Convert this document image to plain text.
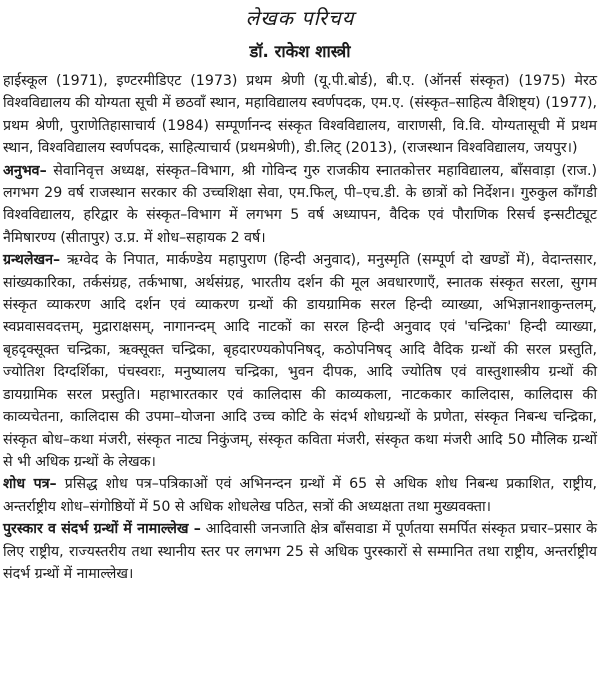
लेखक परिचय
डॉ. राकेश शास्त्री

हाईस्कूल (1971), इण्टरमीडिएट (1973) प्रथम श्रेणी (यू.पी.बोर्ड), बी.ए. (ऑनर्स संस्कृत) (1975) मेरठ विश्वविद्यालय की योग्यता सूची में छठवाँ स्थान, महाविद्यालय स्वर्णपदक, एम.ए. (संस्कृत–साहित्य वैशिष्ट्य) (1977), प्रथम श्रेणी, पुराणेतिहासाचार्य (1984) सम्पूर्णानन्द संस्कृत विश्वविद्यालय, वाराणसी, वि.वि. योग्यतासूची में प्रथम स्थान, विश्वविद्यालय स्वर्णपदक, साहित्याचार्य (प्रथमश्रेणी), डी.लिट् (2013), (राजस्थान विश्वविद्यालय, जयपुर।)

अनुभव– सेवानिवृत्त अध्यक्ष, संस्कृत–विभाग, श्री गोविन्द गुरु राजकीय स्नातकोत्तर महाविद्यालय, बाँसवाड़ा (राज.) लगभग 29 वर्ष राजस्थान सरकार की उच्चशिक्षा सेवा, एम.फिल्, पी–एच.डी. के छात्रों को निर्देशन। गुरुकुल काँगडी विश्वविद्यालय, हरिद्वार के संस्कृत–विभाग में लगभग 5 वर्ष अध्यापन, वैदिक एवं पौराणिक रिसर्च इन्सटीट्यूट नैमिषारण्य (सीतापुर) उ.प्र. में शोध–सहायक 2 वर्ष।

ग्रन्थलेखन– ऋग्वेद के निपात, मार्कण्डेय महापुराण (हिन्दी अनुवाद), मनुस्मृति (सम्पूर्ण दो खण्डों में), वेदान्तसार, सांख्यकारिका, तर्कसंग्रह, तर्कभाषा, अर्थसंग्रह, भारतीय दर्शन की मूल अवधारणाएँ, स्नातक संस्कृत सरला, सुगम संस्कृत व्याकरण आदि दर्शन एवं व्याकरण ग्रन्थों की डायग्रामिक सरल हिन्दी व्याख्या, अभिज्ञानशाकुन्तलम्, स्वप्नवासवदत्तम्, मुद्राराक्षसम्, नागानन्दम् आदि नाटकों का सरल हिन्दी अनुवाद एवं 'चन्द्रिका' हिन्दी व्याख्या, बृहदृक्सूक्त चन्द्रिका, ऋक्सूक्त चन्द्रिका, बृहदारण्यकोपनिषद्, कठोपनिषद् आदि वैदिक ग्रन्थों की सरल प्रस्तुति, ज्योतिश दिग्दर्शिका, पंचस्वराः, मनुष्यालय चन्द्रिका, भुवन दीपक, आदि ज्योतिष एवं वास्तुशास्त्रीय ग्रन्थों की डायग्रामिक सरल प्रस्तुति। महाभारतकार एवं कालिदास की काव्यकला, नाटककार कालिदास, कालिदास की काव्यचेतना, कालिदास की उपमा–योजना आदि उच्च कोटि के संदर्भ शोधग्रन्थों के प्रणेता, संस्कृत निबन्ध चन्द्रिका, संस्कृत बोध–कथा मंजरी, संस्कृत नाट्य निकुंजम्, संस्कृत कविता मंजरी, संस्कृत कथा मंजरी आदि 50 मौलिक ग्रन्थों से भी अधिक ग्रन्थों के लेखक।

शोध पत्र– प्रसिद्ध शोध पत्र–पत्रिकाओं एवं अभिनन्दन ग्रन्थों में 65 से अधिक शोध निबन्ध प्रकाशित, राष्ट्रीय, अन्तर्राष्ट्रीय शोध–संगोष्ठियों में 50 से अधिक शोधलेख पठित, सत्रों की अध्यक्षता तथा मुख्यवक्ता।

पुरस्कार व संदर्भ ग्रन्थों में नामाल्लेख – आदिवासी जनजाति क्षेत्र बाँसवाडा में पूर्णतया समर्पित संस्कृत प्रचार–प्रसार के लिए राष्ट्रीय, राज्यस्तरीय तथा स्थानीय स्तर पर लगभग 25 से अधिक पुरस्कारों से सम्मानित तथा राष्ट्रीय, अन्तर्राष्ट्रीय संदर्भ ग्रन्थों में नामाल्लेख।
